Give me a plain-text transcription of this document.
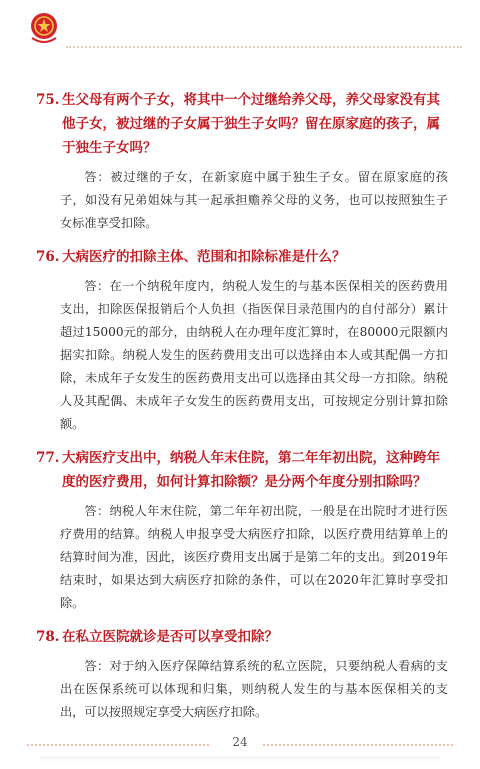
75. 生父母有两个子女，将其中一个过继给养父母，养父母家没有其他子女，被过继的子女属于独生子女吗？留在原家庭的孩子，属于独生子女吗？

答：被过继的子女，在新家庭中属于独生子女。留在原家庭的孩子，如没有兄弟姐妹与其一起承担赡养父母的义务，也可以按照独生子女标准享受扣除。

76. 大病医疗的扣除主体、范围和扣除标准是什么？

答：在一个纳税年度内，纳税人发生的与基本医保相关的医药费用支出，扣除医保报销后个人负担（指医保目录范围内的自付部分）累计超过15000元的部分，由纳税人在办理年度汇算时，在80000元限额内据实扣除。纳税人发生的医药费用支出可以选择由本人或其配偶一方扣除，未成年子女发生的医药费用支出可以选择由其父母一方扣除。纳税人及其配偶、未成年子女发生的医药费用支出，可按规定分别计算扣除额。

77. 大病医疗支出中，纳税人年末住院，第二年年初出院，这种跨年度的医疗费用，如何计算扣除额？是分两个年度分别扣除吗？

答：纳税人年末住院，第二年年初出院，一般是在出院时才进行医疗费用的结算。纳税人申报享受大病医疗扣除，以医疗费用结算单上的结算时间为准，因此，该医疗费用支出属于是第二年的支出。到2019年结束时，如果达到大病医疗扣除的条件，可以在2020年汇算时享受扣除。

78. 在私立医院就诊是否可以享受扣除？

答：对于纳入医疗保障结算系统的私立医院，只要纳税人看病的支出在医保系统可以体现和归集，则纳税人发生的与基本医保相关的支出，可以按照规定享受大病医疗扣除。

24
